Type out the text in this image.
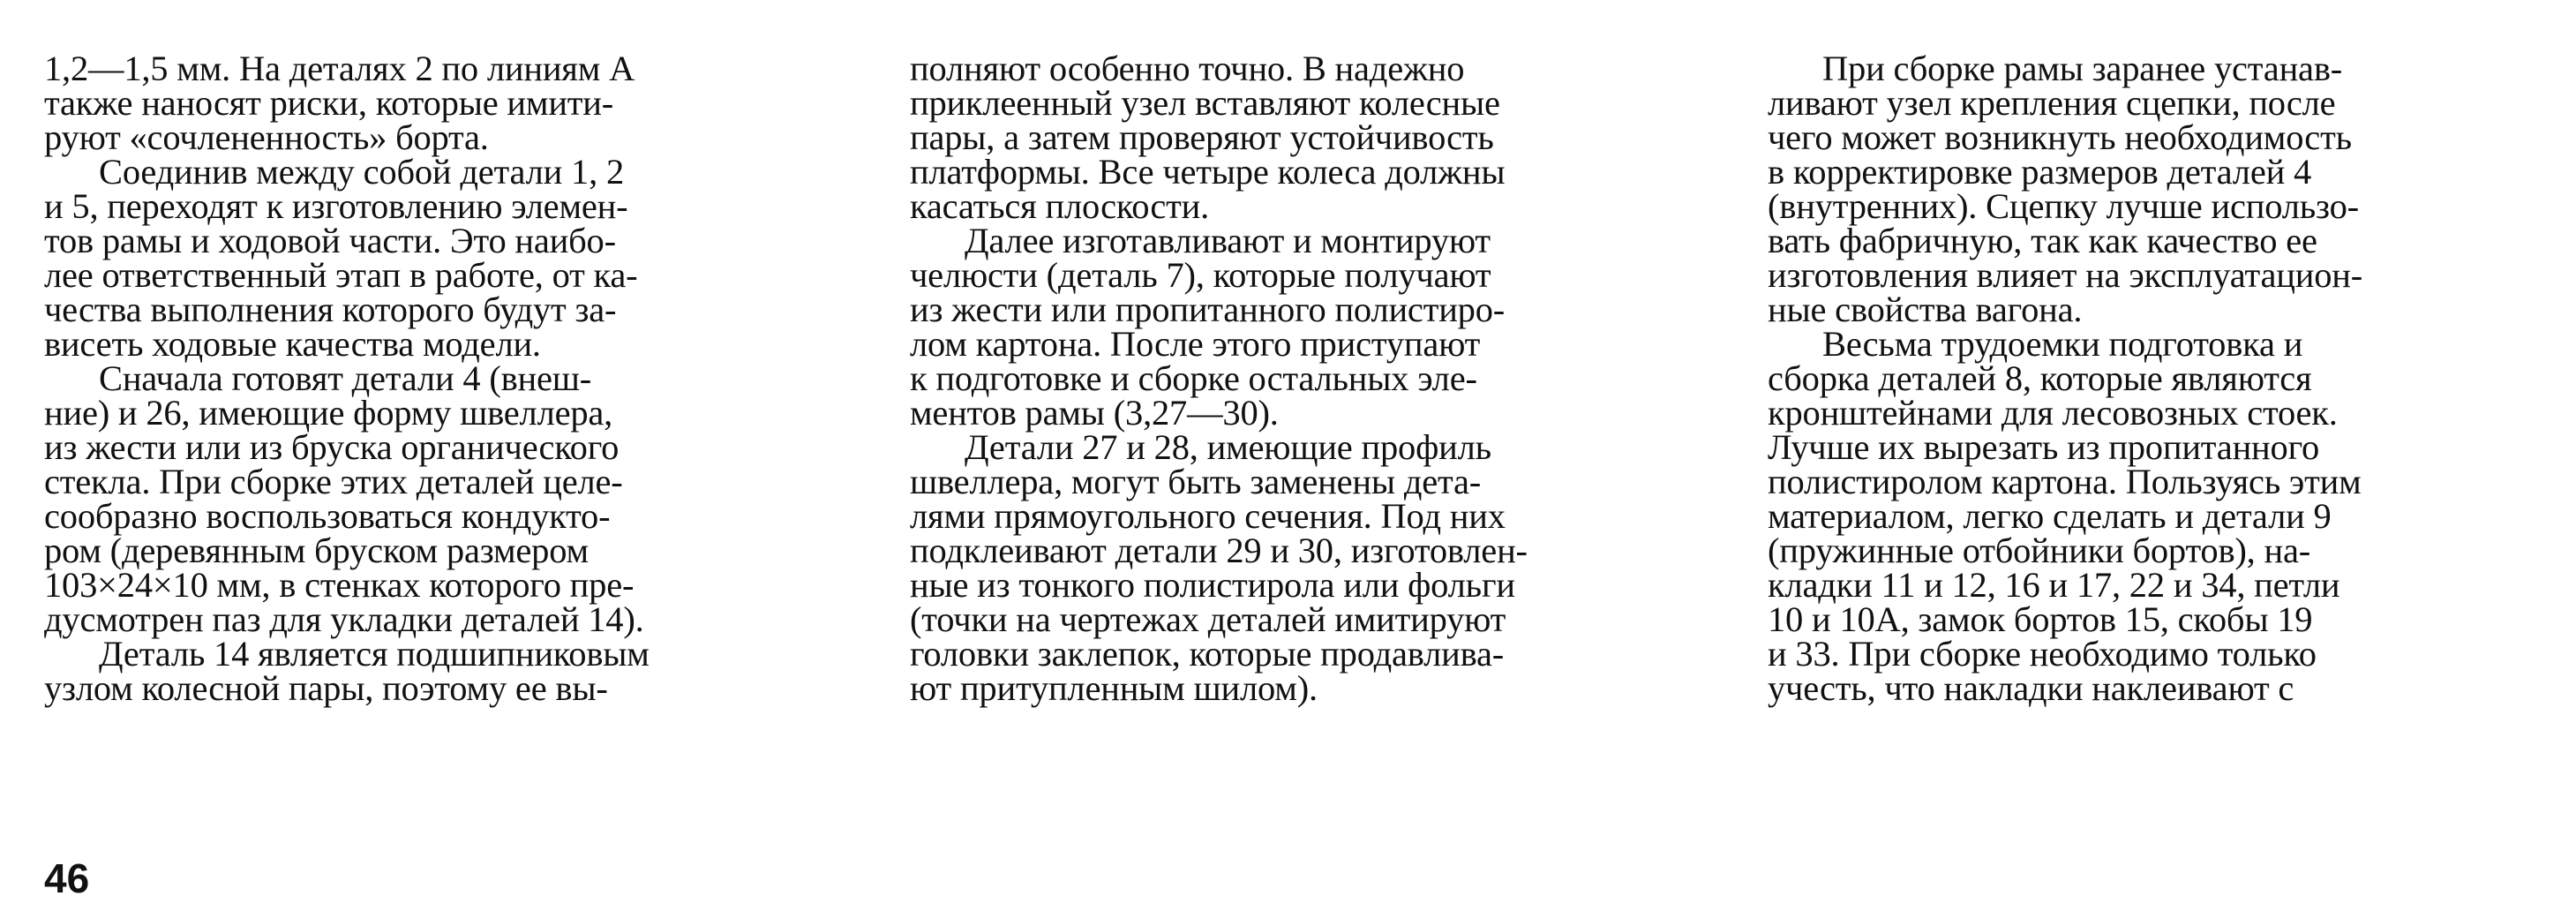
1,2—1,5 мм. На деталях 2 по линиям А
также наносят риски, которые имити-
руют «сочлененность» борта.
Соединив между собой детали 1, 2
и 5, переходят к изготовлению элемен-
тов рамы и ходовой части. Это наибо-
лее ответственный этап в работе, от ка-
чества выполнения которого будут за-
висеть ходовые качества модели.
Сначала готовят детали 4 (внеш-
ние) и 26, имеющие форму швеллера,
из жести или из бруска органического
стекла. При сборке этих деталей целе-
сообразно воспользоваться кондукто-
ром (деревянным бруском размером
103×24×10 мм, в стенках которого пре-
дусмотрен паз для укладки деталей 14).
Деталь 14 является подшипниковым
узлом колесной пары, поэтому ее вы-
полняют особенно точно. В надежно
приклеенный узел вставляют колесные
пары, а затем проверяют устойчивость
платформы. Все четыре колеса должны
касаться плоскости.
Далее изготавливают и монтируют
челюсти (деталь 7), которые получают
из жести или пропитанного полистиро-
лом картона. После этого приступают
к подготовке и сборке остальных эле-
ментов рамы (3,27—30).
Детали 27 и 28, имеющие профиль
швеллера, могут быть заменены дета-
лями прямоугольного сечения. Под них
подклеивают детали 29 и 30, изготовлен-
ные из тонкого полистирола или фольги
(точки на чертежах деталей имитируют
головки заклепок, которые продавлива-
ют притупленным шилом).
При сборке рамы заранее устанав-
ливают узел крепления сцепки, после
чего может возникнуть необходимость
в корректировке размеров деталей 4
(внутренних). Сцепку лучше использо-
вать фабричную, так как качество ее
изготовления влияет на эксплуатацион-
ные свойства вагона.
Весьма трудоемки подготовка и
сборка деталей 8, которые являются
кронштейнами для лесовозных стоек.
Лучше их вырезать из пропитанного
полистиролом картона. Пользуясь этим
материалом, легко сделать и детали 9
(пружинные отбойники бортов), на-
кладки 11 и 12, 16 и 17, 22 и 34, петли
10 и 10А, замок бортов 15, скобы 19
и 33. При сборке необходимо только
учесть, что накладки наклеивают с
46
